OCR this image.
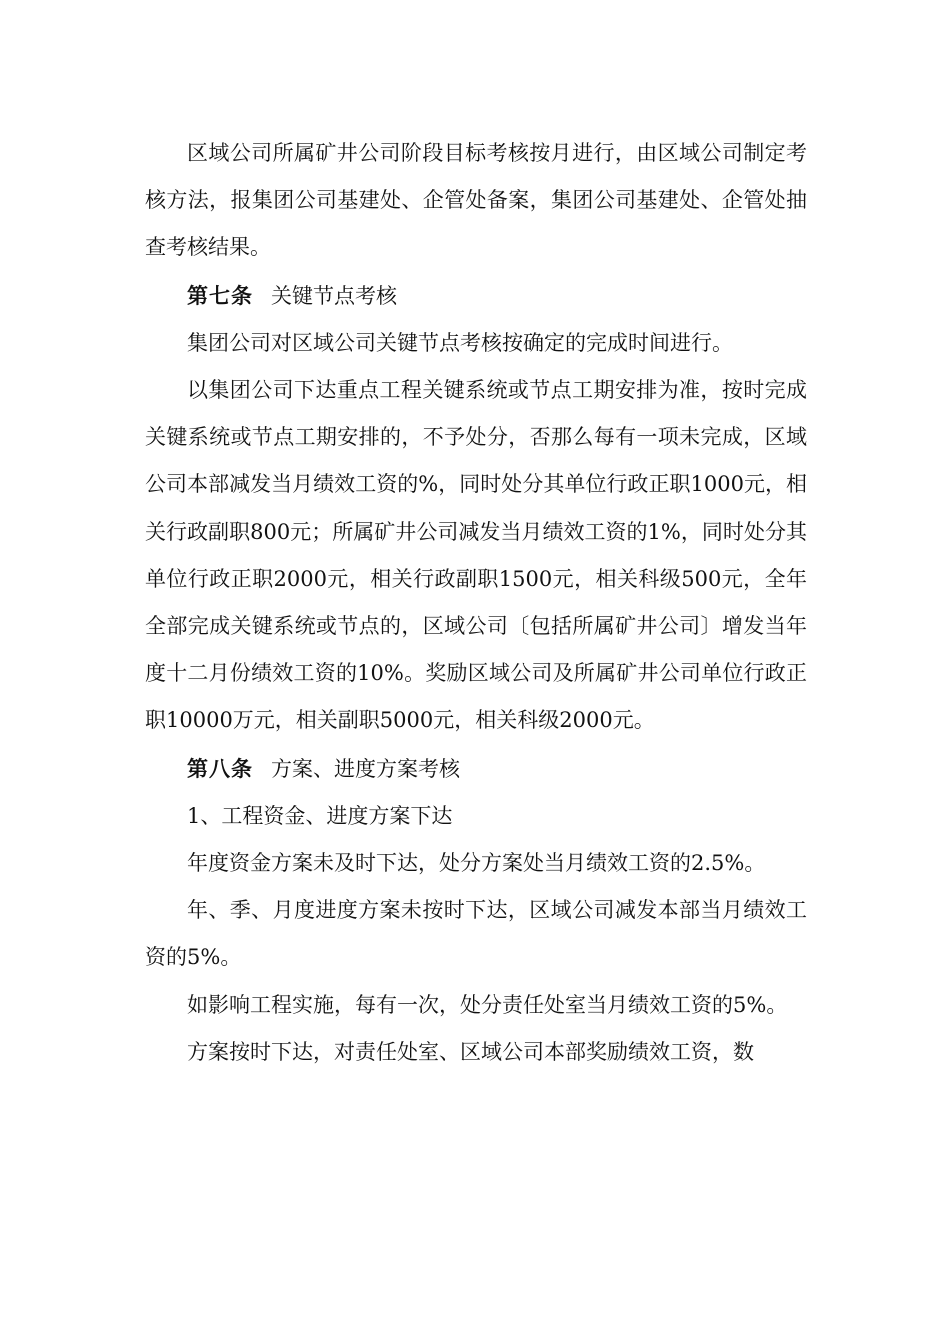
区域公司所属矿井公司阶段目标考核按月进行，由区域公司制定考核方法，报集团公司基建处、企管处备案，集团公司基建处、企管处抽查考核结果。

第七条 关键节点考核

集团公司对区域公司关键节点考核按确定的完成时间进行。

以集团公司下达重点工程关键系统或节点工期安排为准，按时完成关键系统或节点工期安排的，不予处分，否那么每有一项未完成，区域公司本部减发当月绩效工资的%，同时处分其单位行政正职1000元，相关行政副职800元；所属矿井公司减发当月绩效工资的1%，同时处分其单位行政正职2000元，相关行政副职1500元，相关科级500元，全年全部完成关键系统或节点的，区域公司〔包括所属矿井公司〕增发当年度十二月份绩效工资的10%。奖励区域公司及所属矿井公司单位行政正职10000万元，相关副职5000元，相关科级2000元。

第八条 方案、进度方案考核

1、工程资金、进度方案下达

年度资金方案未及时下达，处分方案处当月绩效工资的2.5%。

年、季、月度进度方案未按时下达，区域公司减发本部当月绩效工资的5%。

如影响工程实施，每有一次，处分责任处室当月绩效工资的5%。

方案按时下达，对责任处室、区域公司本部奖励绩效工资，数
